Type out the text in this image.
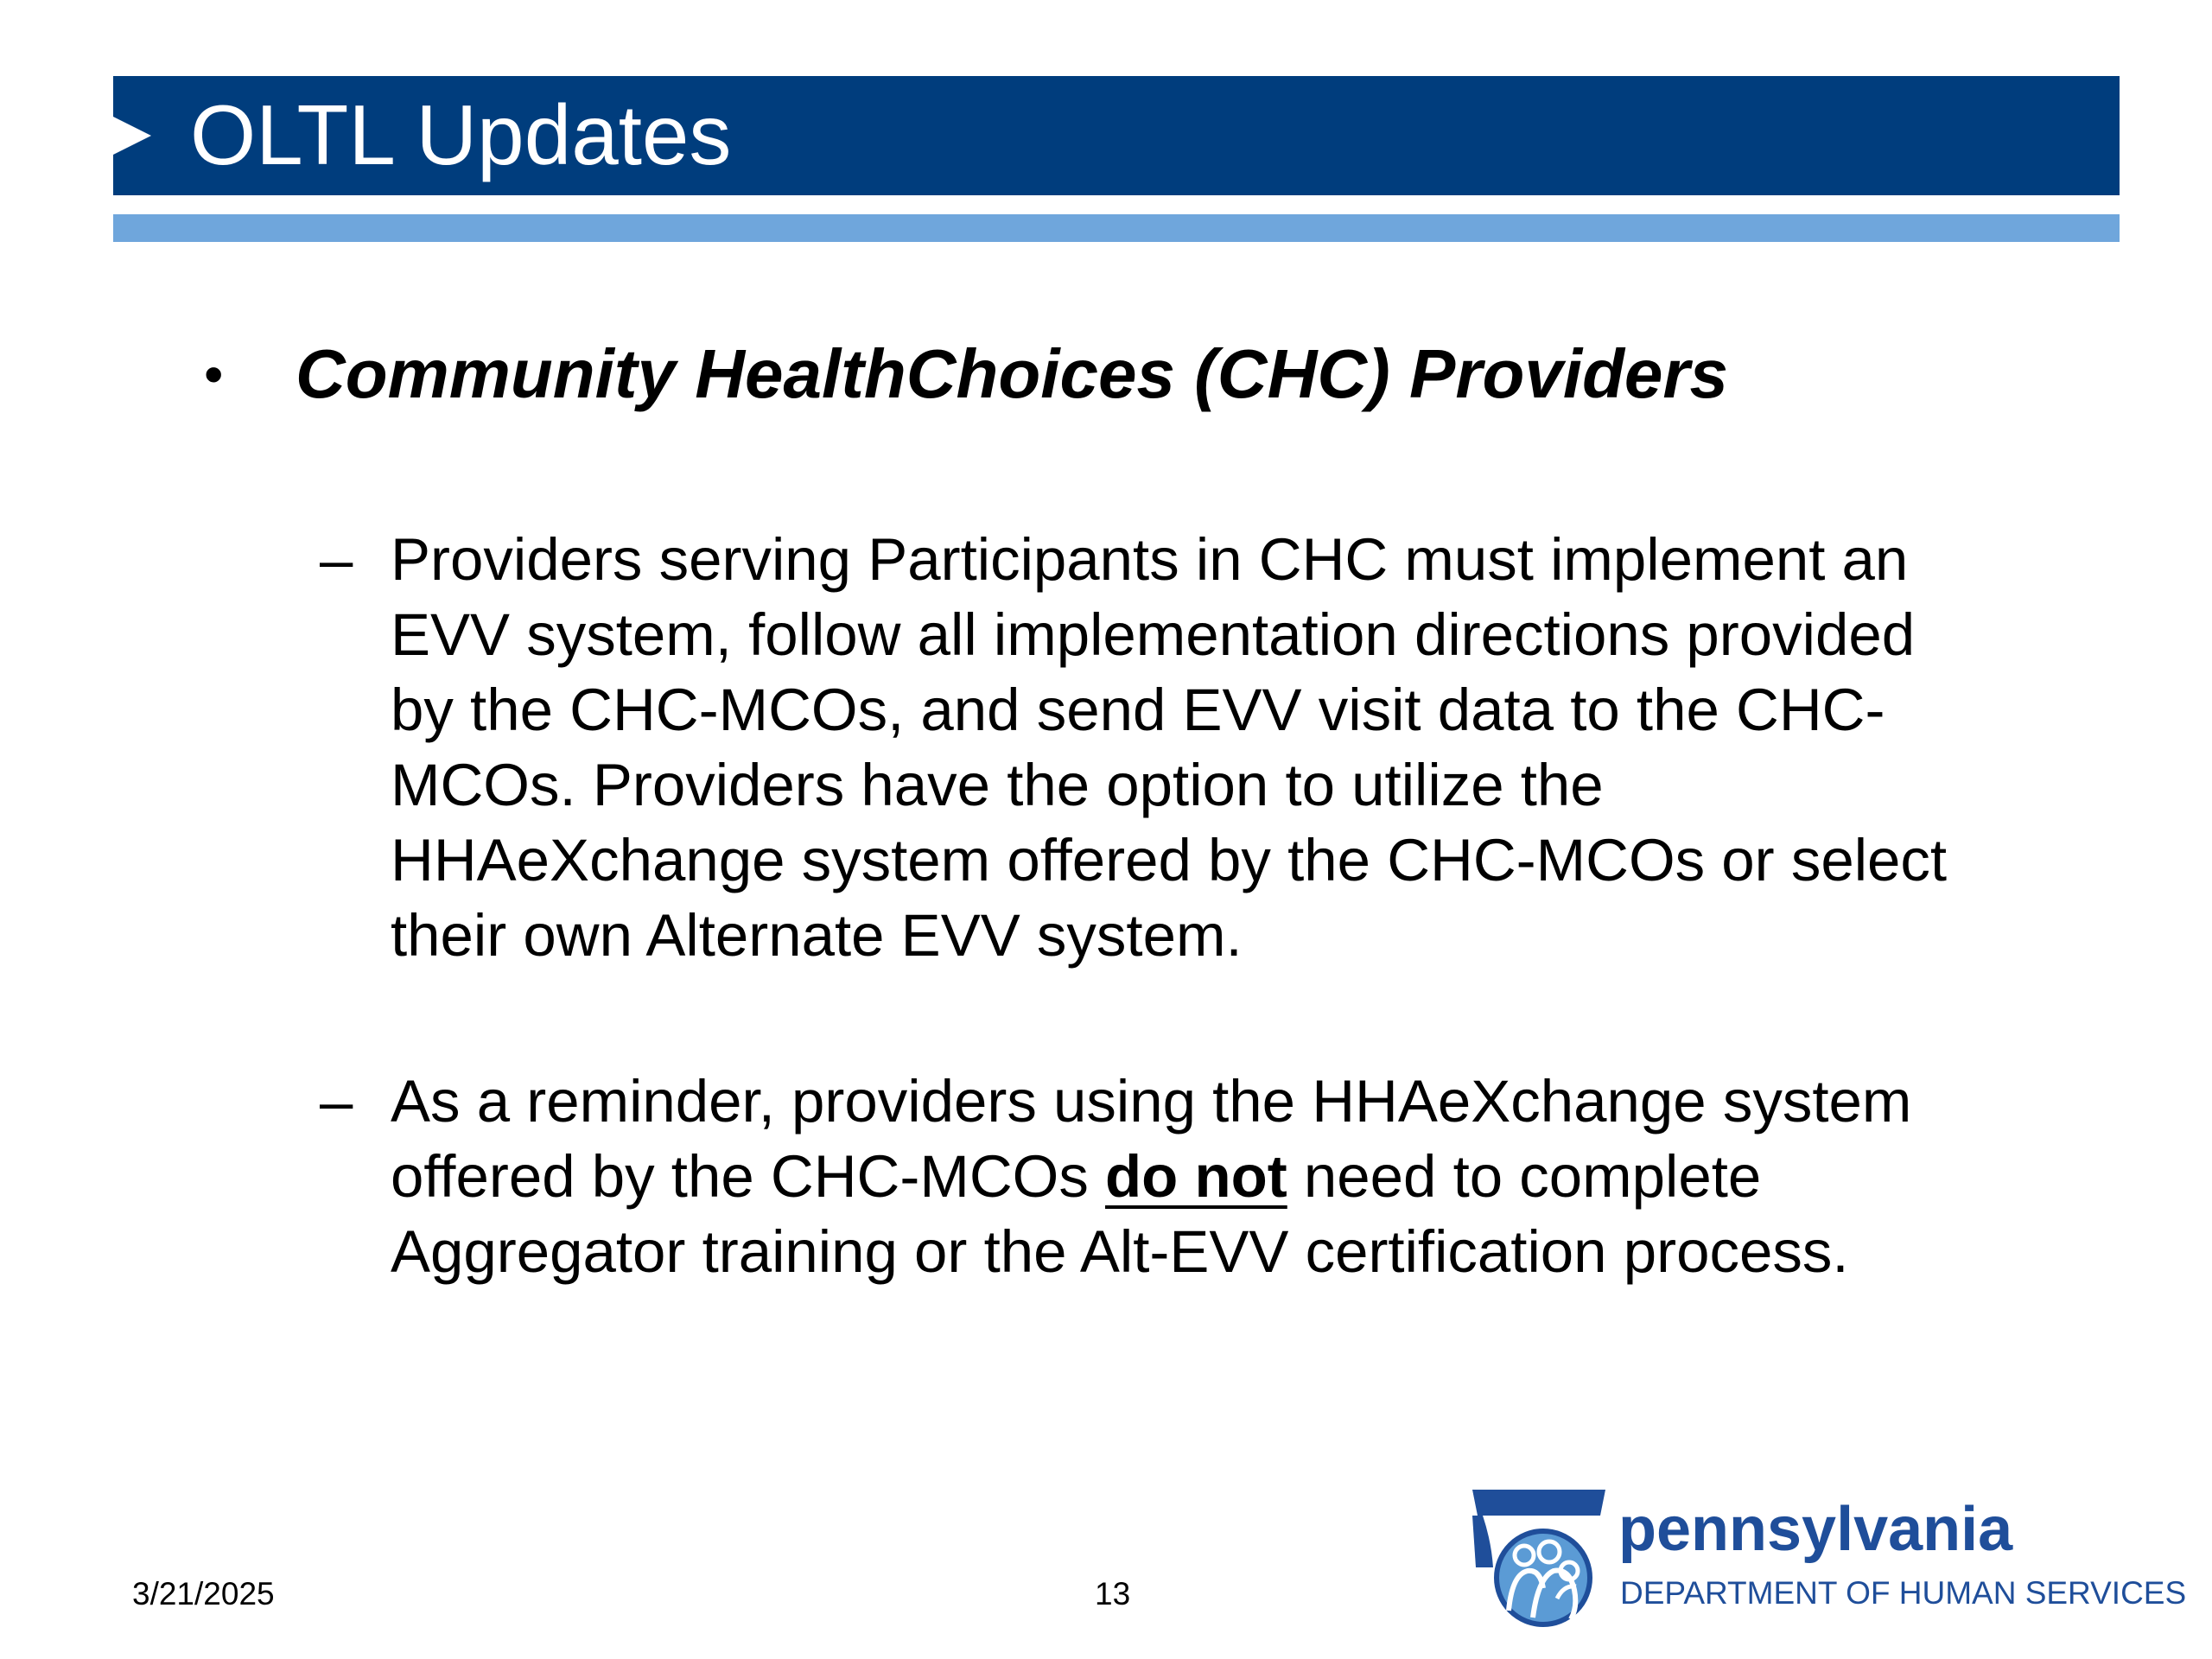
OLTL Updates
• Community HealthChoices (CHC) Providers
– Providers serving Participants in CHC must implement an EVV system, follow all implementation directions provided by the CHC-MCOs, and send EVV visit data to the CHC-MCOs. Providers have the option to utilize the HHAeXchange system offered by the CHC-MCOs or select their own Alternate EVV system.
– As a reminder, providers using the HHAeXchange system offered by the CHC-MCOs do not need to complete Aggregator training or the Alt-EVV certification process.
3/21/2025	13
pennsylvania
DEPARTMENT OF HUMAN SERVICES
